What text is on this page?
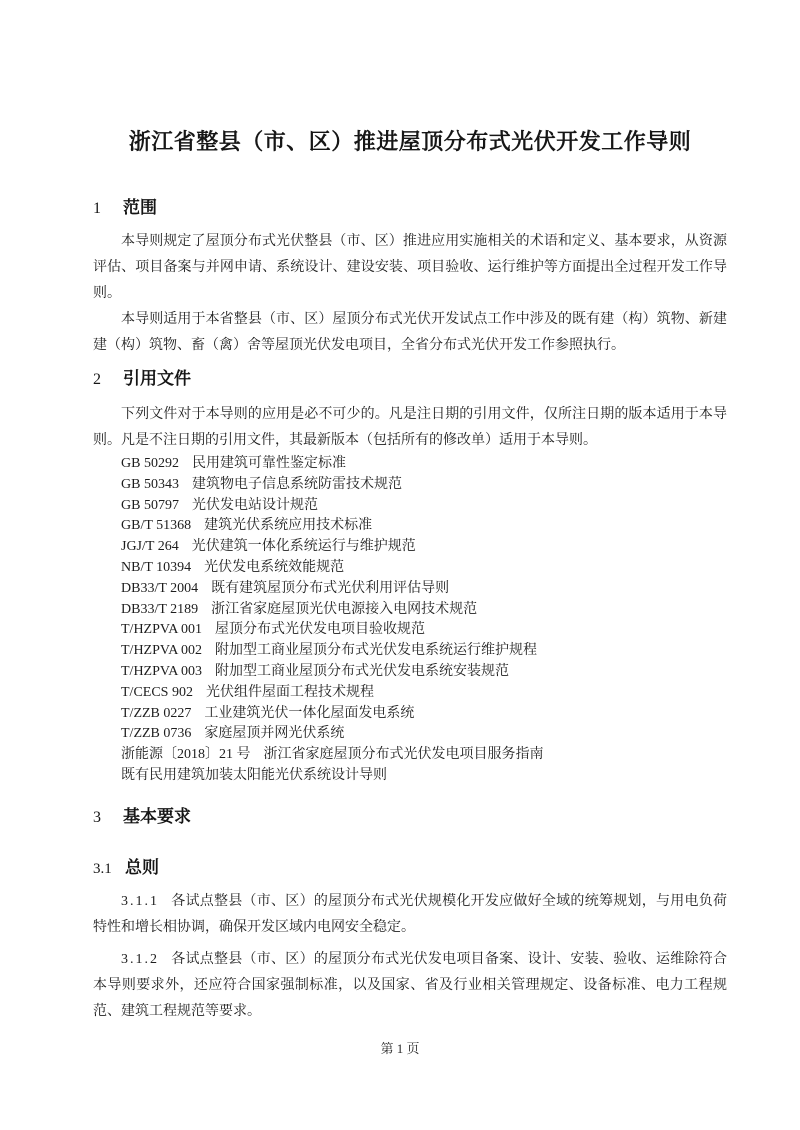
浙江省整县（市、区）推进屋顶分布式光伏开发工作导则
1 范围

本导则规定了屋顶分布式光伏整县（市、区）推进应用实施相关的术语和定义、基本要求，从资源评估、项目备案与并网申请、系统设计、建设安装、项目验收、运行维护等方面提出全过程开发工作导则。

本导则适用于本省整县（市、区）屋顶分布式光伏开发试点工作中涉及的既有建（构）筑物、新建建（构）筑物、畜（禽）舍等屋顶光伏发电项目，全省分布式光伏开发工作参照执行。

2 引用文件

下列文件对于本导则的应用是必不可少的。凡是注日期的引用文件，仅所注日期的版本适用于本导则。凡是不注日期的引用文件，其最新版本（包括所有的修改单）适用于本导则。

GB 50292 民用建筑可靠性鉴定标准
GB 50343 建筑物电子信息系统防雷技术规范
GB 50797 光伏发电站设计规范
GB/T 51368 建筑光伏系统应用技术标准
JGJ/T 264 光伏建筑一体化系统运行与维护规范
NB/T 10394 光伏发电系统效能规范
DB33/T 2004 既有建筑屋顶分布式光伏利用评估导则
DB33/T 2189 浙江省家庭屋顶光伏电源接入电网技术规范
T/HZPVA 001 屋顶分布式光伏发电项目验收规范
T/HZPVA 002 附加型工商业屋顶分布式光伏发电系统运行维护规程
T/HZPVA 003 附加型工商业屋顶分布式光伏发电系统安装规范
T/CECS 902 光伏组件屋面工程技术规程
T/ZZB 0227 工业建筑光伏一体化屋面发电系统
T/ZZB 0736 家庭屋顶并网光伏系统
浙能源〔2018〕21 号 浙江省家庭屋顶分布式光伏发电项目服务指南
既有民用建筑加装太阳能光伏系统设计导则
3 基本要求
3.1 总则

3.1.1 各试点整县（市、区）的屋顶分布式光伏规模化开发应做好全域的统筹规划，与用电负荷特性和增长相协调，确保开发区域内电网安全稳定。

3.1.2 各试点整县（市、区）的屋顶分布式光伏发电项目备案、设计、安装、验收、运维除符合本导则要求外，还应符合国家强制标准，以及国家、省及行业相关管理规定、设备标准、电力工程规范、建筑工程规范等要求。

第 1 页
